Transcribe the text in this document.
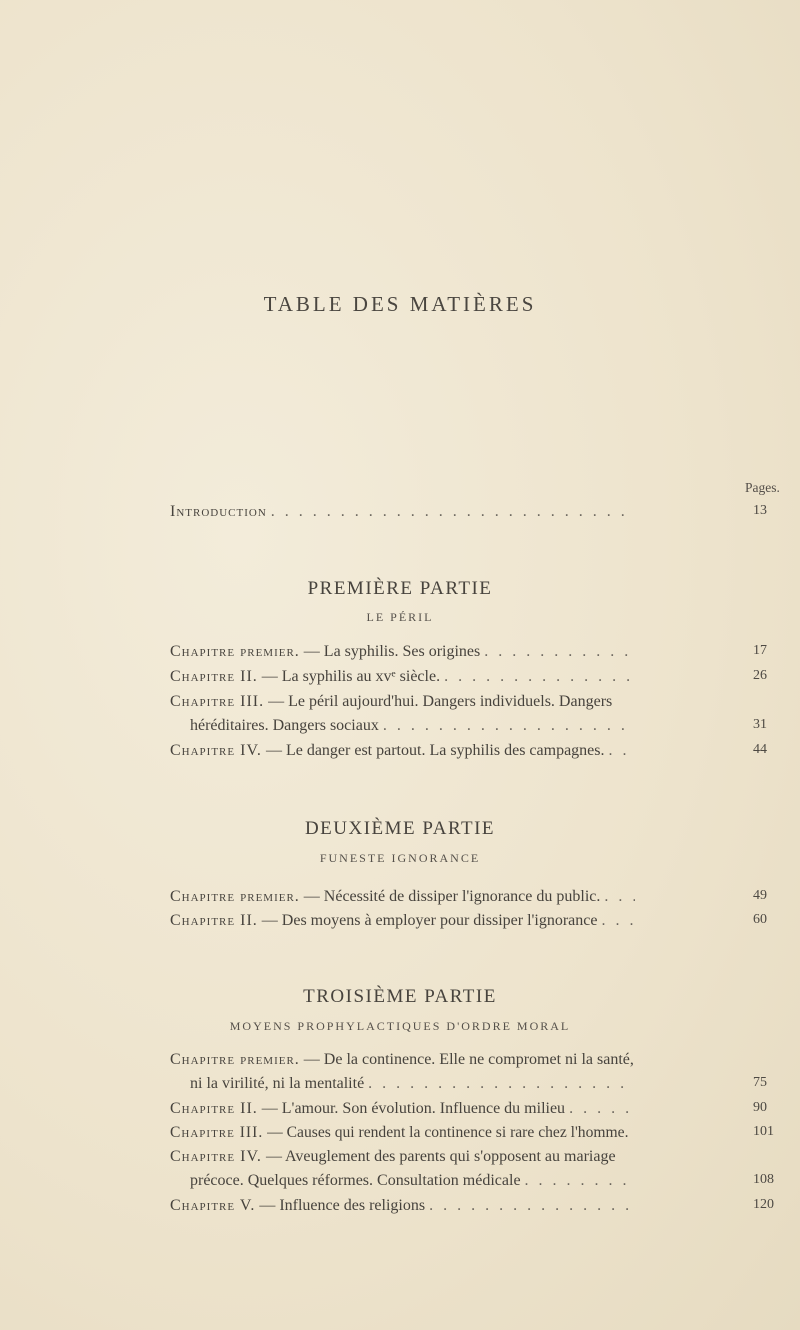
TABLE DES MATIÈRES
Pages.
Introduction . . .	13
PREMIÈRE PARTIE
LE PÉRIL
Chapitre premier. — La syphilis. Ses origines . . .	17
Chapitre II. — La syphilis au xvᵉ siècle. . . .	26
Chapitre III. — Le péril aujourd'hui. Dangers individuels. Dangers
héréditaires. Dangers sociaux . . .	31
Chapitre IV. — Le danger est partout. La syphilis des campagnes. . . .	44
DEUXIÈME PARTIE
FUNESTE IGNORANCE
Chapitre premier. — Nécessité de dissiper l'ignorance du public. . . .	49
Chapitre II. — Des moyens à employer pour dissiper l'ignorance . . .	60
TROISIÈME PARTIE
MOYENS PROPHYLACTIQUES D'ORDRE MORAL
Chapitre premier. — De la continence. Elle ne compromet ni la santé,
ni la virilité, ni la mentalité . . .	75
Chapitre II. — L'amour. Son évolution. Influence du milieu . . .	90
Chapitre III. — Causes qui rendent la continence si rare chez l'homme.	101
Chapitre IV. — Aveuglement des parents qui s'opposent au mariage
précoce. Quelques réformes. Consultation médicale . . .	108
Chapitre V. — Influence des religions . . .	120
